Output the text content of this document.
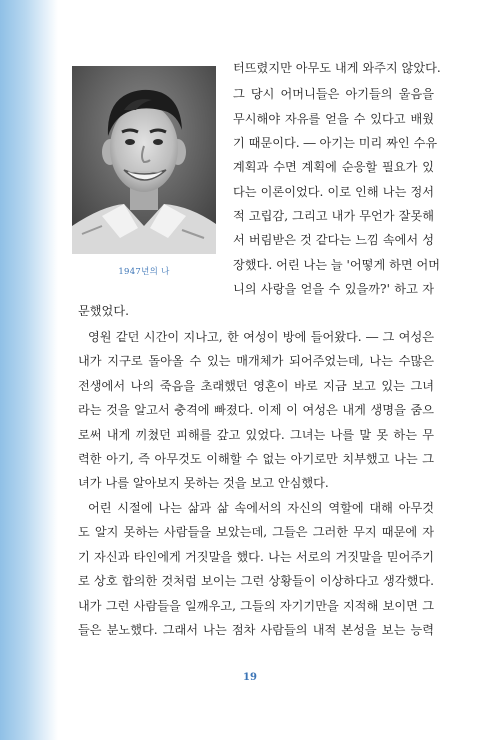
1947년의 나
터뜨렸지만 아무도 내게 와주지 않았다.
그 당시 어머니들은 아기들의 울음을
무시해야 자유를 얻을 수 있다고 배웠
기 때문이다. ― 아기는 미리 짜인 수유
계획과 수면 계획에 순응할 필요가 있
다는 이론이었다. 이로 인해 나는 정서
적 고립감, 그리고 내가 무언가 잘못해
서 버림받은 것 같다는 느낌 속에서 성
장했다. 어린 나는 늘 '어떻게 하면 어머
니의 사랑을 얻을 수 있을까?' 하고 자
문했었다.
영원 같던 시간이 지나고, 한 여성이 방에 들어왔다. ― 그 여성은
내가 지구로 돌아올 수 있는 매개체가 되어주었는데, 나는 수많은
전생에서 나의 죽음을 초래했던 영혼이 바로 지금 보고 있는 그녀
라는 것을 알고서 충격에 빠졌다. 이제 이 여성은 내게 생명을 줌으
로써 내게 끼쳤던 피해를 갚고 있었다. 그녀는 나를 말 못 하는 무
력한 아기, 즉 아무것도 이해할 수 없는 아기로만 치부했고 나는 그
녀가 나를 알아보지 못하는 것을 보고 안심했다.
어린 시절에 나는 삶과 삶 속에서의 자신의 역할에 대해 아무것
도 알지 못하는 사람들을 보았는데, 그들은 그러한 무지 때문에 자
기 자신과 타인에게 거짓말을 했다. 나는 서로의 거짓말을 믿어주기
로 상호 합의한 것처럼 보이는 그런 상황들이 이상하다고 생각했다.
내가 그런 사람들을 일깨우고, 그들의 자기기만을 지적해 보이면 그
들은 분노했다. 그래서 나는 점차 사람들의 내적 본성을 보는 능력
19
